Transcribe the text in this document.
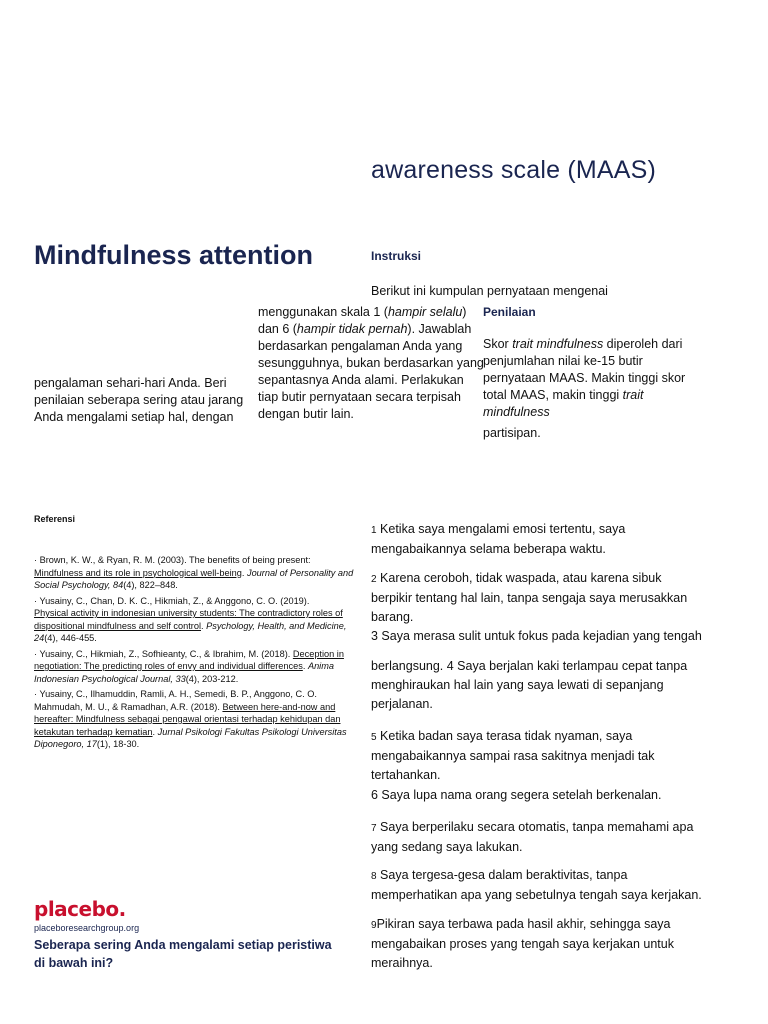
awareness scale (MAAS)
Mindfulness attention	Instruksi
Berikut ini kumpulan pernyataan mengenai
pengalaman sehari-hari Anda. Beri penilaian seberapa sering atau jarang Anda mengalami setiap hal, dengan
menggunakan skala 1 (hampir selalu) dan 6 (hampir tidak pernah). Jawablah berdasarkan pengalaman Anda yang sesungguhnya, bukan berdasarkan yang sepantasnya Anda alami. Perlakukan tiap butir pernyataan secara terpisah dengan butir lain.
Penilaian
Skor trait mindfulness diperoleh dari penjumlahan nilai ke-15 butir pernyataan MAAS. Makin tinggi skor total MAAS, makin tinggi trait mindfulness
partisipan.
Referensi
· Brown, K. W., & Ryan, R. M. (2003). The benefits of being present:
Mindfulness and its role in psychological well-being. Journal of Personality and Social Psychology, 84(4), 822–848.
· Yusainy, C., Chan, D. K. C., Hikmiah, Z., & Anggono, C. O. (2019).
Physical activity in indonesian university students: The contradictory roles of dispositional mindfulness and self control. Psychology, Health, and Medicine, 24(4), 446-455.
· Yusainy, C., Hikmiah, Z., Sofhieanty, C., & Ibrahim, M. (2018). Deception in negotiation: The predicting roles of envy and individual differences. Anima Indonesian Psychological Journal, 33(4), 203-212.
· Yusainy, C., Ilhamuddin, Ramli, A. H., Semedi, B. P., Anggono, C. O. Mahmudah, M. U., & Ramadhan, A.R. (2018). Between here-and-now and hereafter: Mindfulness sebagai pengawal orientasi terhadap kehidupan dan ketakutan terhadap kematian. Jurnal Psikologi Fakultas Psikologi Universitas Diponegoro, 17(1), 18-30.
placebo.
placeboresearchgroup.org
Seberapa sering Anda mengalami setiap peristiwa di bawah ini?
1 Ketika saya mengalami emosi tertentu, saya mengabaikannya selama beberapa waktu.
2 Karena ceroboh, tidak waspada, atau karena sibuk berpikir tentang hal lain, tanpa sengaja saya merusakkan barang.
3 Saya merasa sulit untuk fokus pada kejadian yang tengah
berlangsung. 4 Saya berjalan kaki terlampau cepat tanpa menghiraukan hal lain yang saya lewati di sepanjang perjalanan.
5 Ketika badan saya terasa tidak nyaman, saya mengabaikannya sampai rasa sakitnya menjadi tak tertahankan.
6 Saya lupa nama orang segera setelah berkenalan.
7 Saya berperilaku secara otomatis, tanpa memahami apa yang sedang saya lakukan.
8 Saya tergesa-gesa dalam beraktivitas, tanpa memperhatikan apa yang sebetulnya tengah saya kerjakan.
9Pikiran saya terbawa pada hasil akhir, sehingga saya mengabaikan proses yang tengah saya kerjakan untuk meraihnya.
